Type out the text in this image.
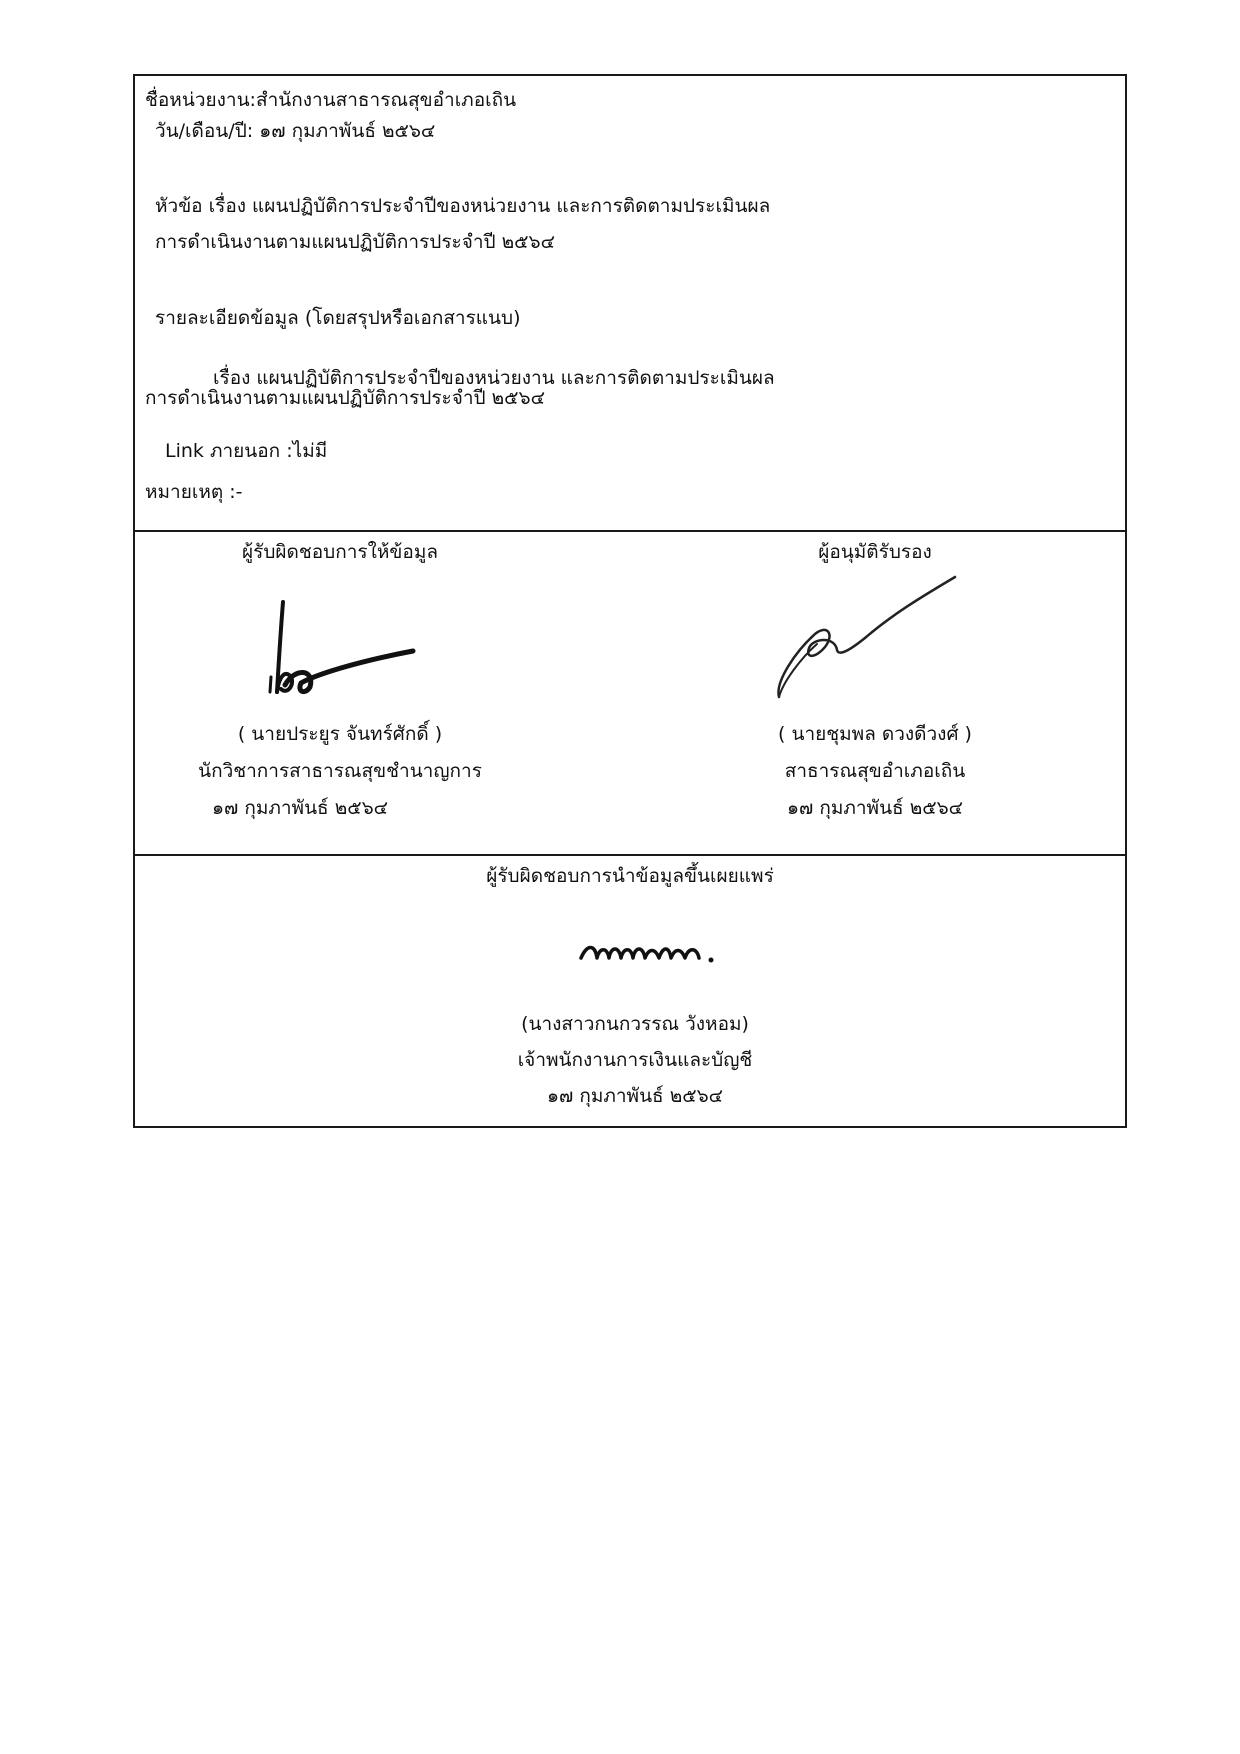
ชื่อหน่วยงาน:สำนักงานสาธารณสุขอำเภอเถิน
วัน/เดือน/ปี: ๑๗ กุมภาพันธ์ ๒๕๖๔
หัวข้อ เรื่อง แผนปฏิบัติการประจำปีของหน่วยงาน และการติดตามประเมินผล
การดำเนินงานตามแผนปฏิบัติการประจำปี ๒๕๖๔
รายละเอียดข้อมูล (โดยสรุปหรือเอกสารแนบ)
เรื่อง แผนปฏิบัติการประจำปีของหน่วยงาน และการติดตามประเมินผล
การดำเนินงานตามแผนปฏิบัติการประจำปี ๒๕๖๔
Link ภายนอก :ไม่มี
หมายเหตุ :-
ผู้รับผิดชอบการให้ข้อมูล
( นายประยูร จันทร์ศักดิ์ )
นักวิชาการสาธารณสุขชำนาญการ
๑๗ กุมภาพันธ์ ๒๕๖๔
ผู้อนุมัติรับรอง
( นายชุมพล ดวงดีวงศ์ )
สาธารณสุขอำเภอเถิน
๑๗ กุมภาพันธ์ ๒๕๖๔
ผู้รับผิดชอบการนำข้อมูลขึ้นเผยแพร่
(นางสาวกนกวรรณ วังหอม)
เจ้าพนักงานการเงินและบัญชี
๑๗ กุมภาพันธ์ ๒๕๖๔
